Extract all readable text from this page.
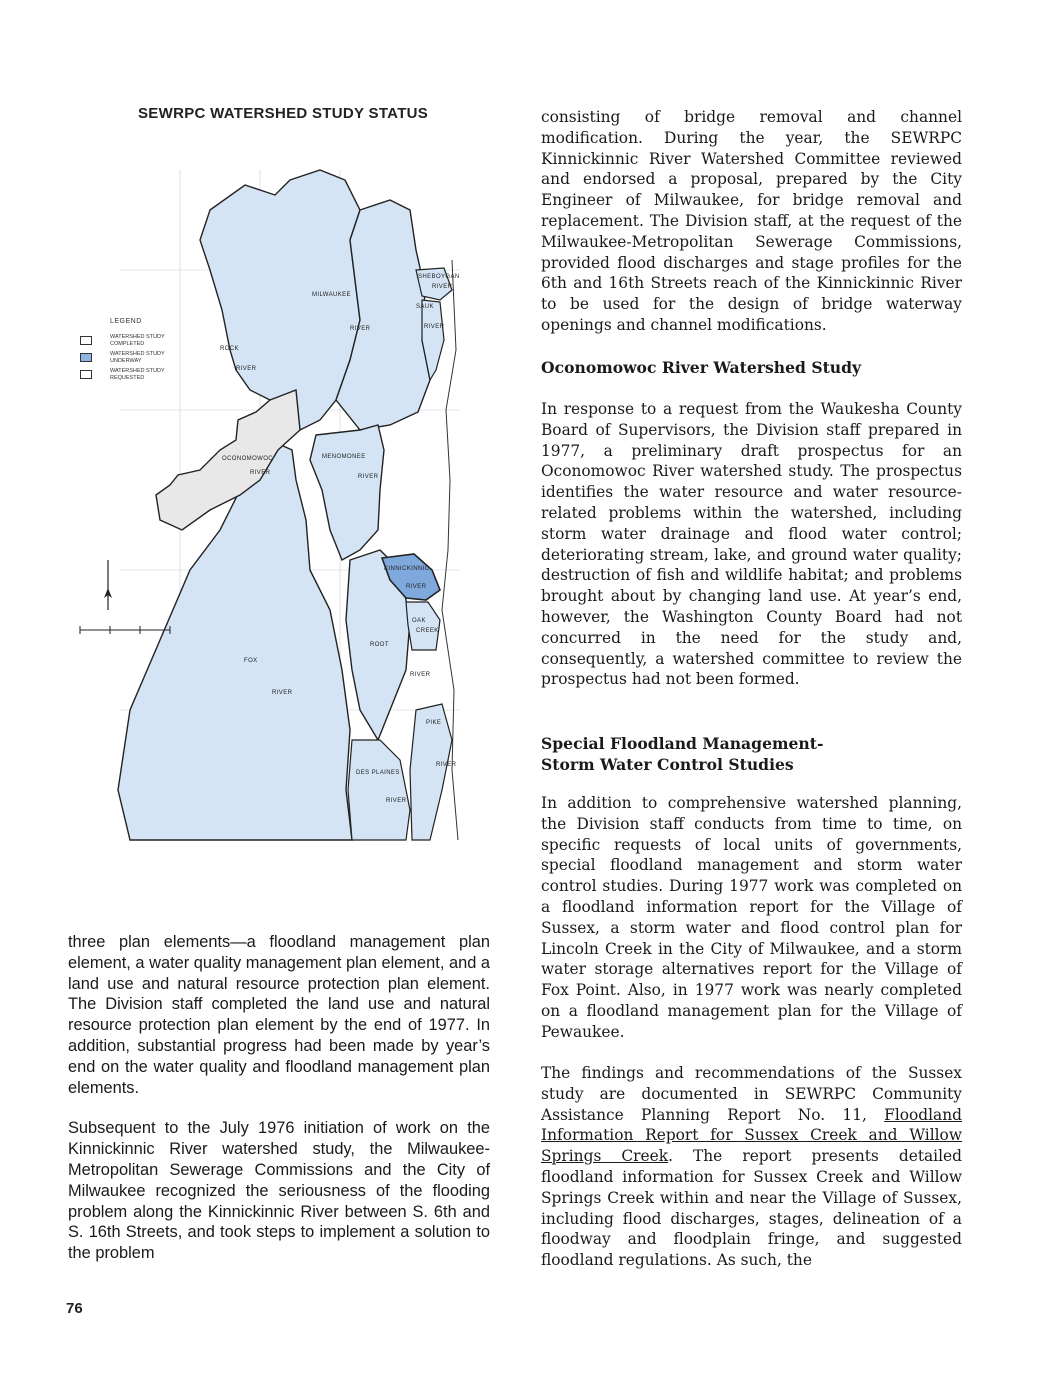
SEWRPC WATERSHED STUDY STATUS
LEGEND
WATERSHED STUDY COMPLETED
WATERSHED STUDY UNDERWAY
WATERSHED STUDY REQUESTED
MILWAUKEE
RIVER
ROCK
RIVER
SHEBOYGAN
RIVER
SAUK
RIVER
OCONOMOWOC
RIVER
MENOMONEE
RIVER
KINNICKINNIC
RIVER
OAK
CREEK
ROOT
RIVER
FOX
RIVER
PIKE
RIVER
DES PLAINES
RIVER

three plan elements—a floodland management plan element, a water quality management plan element, and a land use and natural resource protection plan element. The Division staff completed the land use and natural resource protection plan element by the end of 1977. In addition, substantial progress had been made by year’s end on the water quality and floodland management plan elements.

Subsequent to the July 1976 initiation of work on the Kinnickinnic River watershed study, the Milwaukee-Metropolitan Sewerage Commissions and the City of Milwaukee recognized the seriousness of the flooding problem along the Kinnickinnic River between S. 6th and S. 16th Streets, and took steps to implement a solution to the problem

consisting of bridge removal and channel modification. During the year, the SEWRPC Kinnickinnic River Watershed Committee reviewed and endorsed a proposal, prepared by the City Engineer of Milwaukee, for bridge removal and replacement. The Division staff, at the request of the Milwaukee-Metropolitan Sewerage Commissions, provided flood discharges and stage profiles for the 6th and 16th Streets reach of the Kinnickinnic River to be used for the design of bridge waterway openings and channel modifications.

Oconomowoc River Watershed Study

In response to a request from the Waukesha County Board of Supervisors, the Division staff prepared in 1977, a preliminary draft prospectus for an Oconomowoc River watershed study. The prospectus identifies the water resource and water resource-related problems within the watershed, including storm water drainage and flood water control; deteriorating stream, lake, and ground water quality; destruction of fish and wildlife habitat; and problems brought about by changing land use. At year’s end, however, the Washington County Board had not concurred in the need for the study and, consequently, a watershed committee to review the prospectus had not been formed.

Special Floodland Management-
Storm Water Control Studies

In addition to comprehensive watershed planning, the Division staff conducts from time to time, on specific requests of local units of governments, special floodland management and storm water control studies. During 1977 work was completed on a floodland information report for the Village of Sussex, a storm water and flood control plan for Lincoln Creek in the City of Milwaukee, and a storm water storage alternatives report for the Village of Fox Point. Also, in 1977 work was nearly completed on a floodland management plan for the Village of Pewaukee.

The findings and recommendations of the Sussex study are documented in SEWRPC Community Assistance Planning Report No. 11, Floodland Information Report for Sussex Creek and Willow Springs Creek. The report presents detailed floodland information for Sussex Creek and Willow Springs Creek within and near the Village of Sussex, including flood discharges, stages, delineation of a floodway and floodplain fringe, and suggested floodland regulations. As such, the

76
